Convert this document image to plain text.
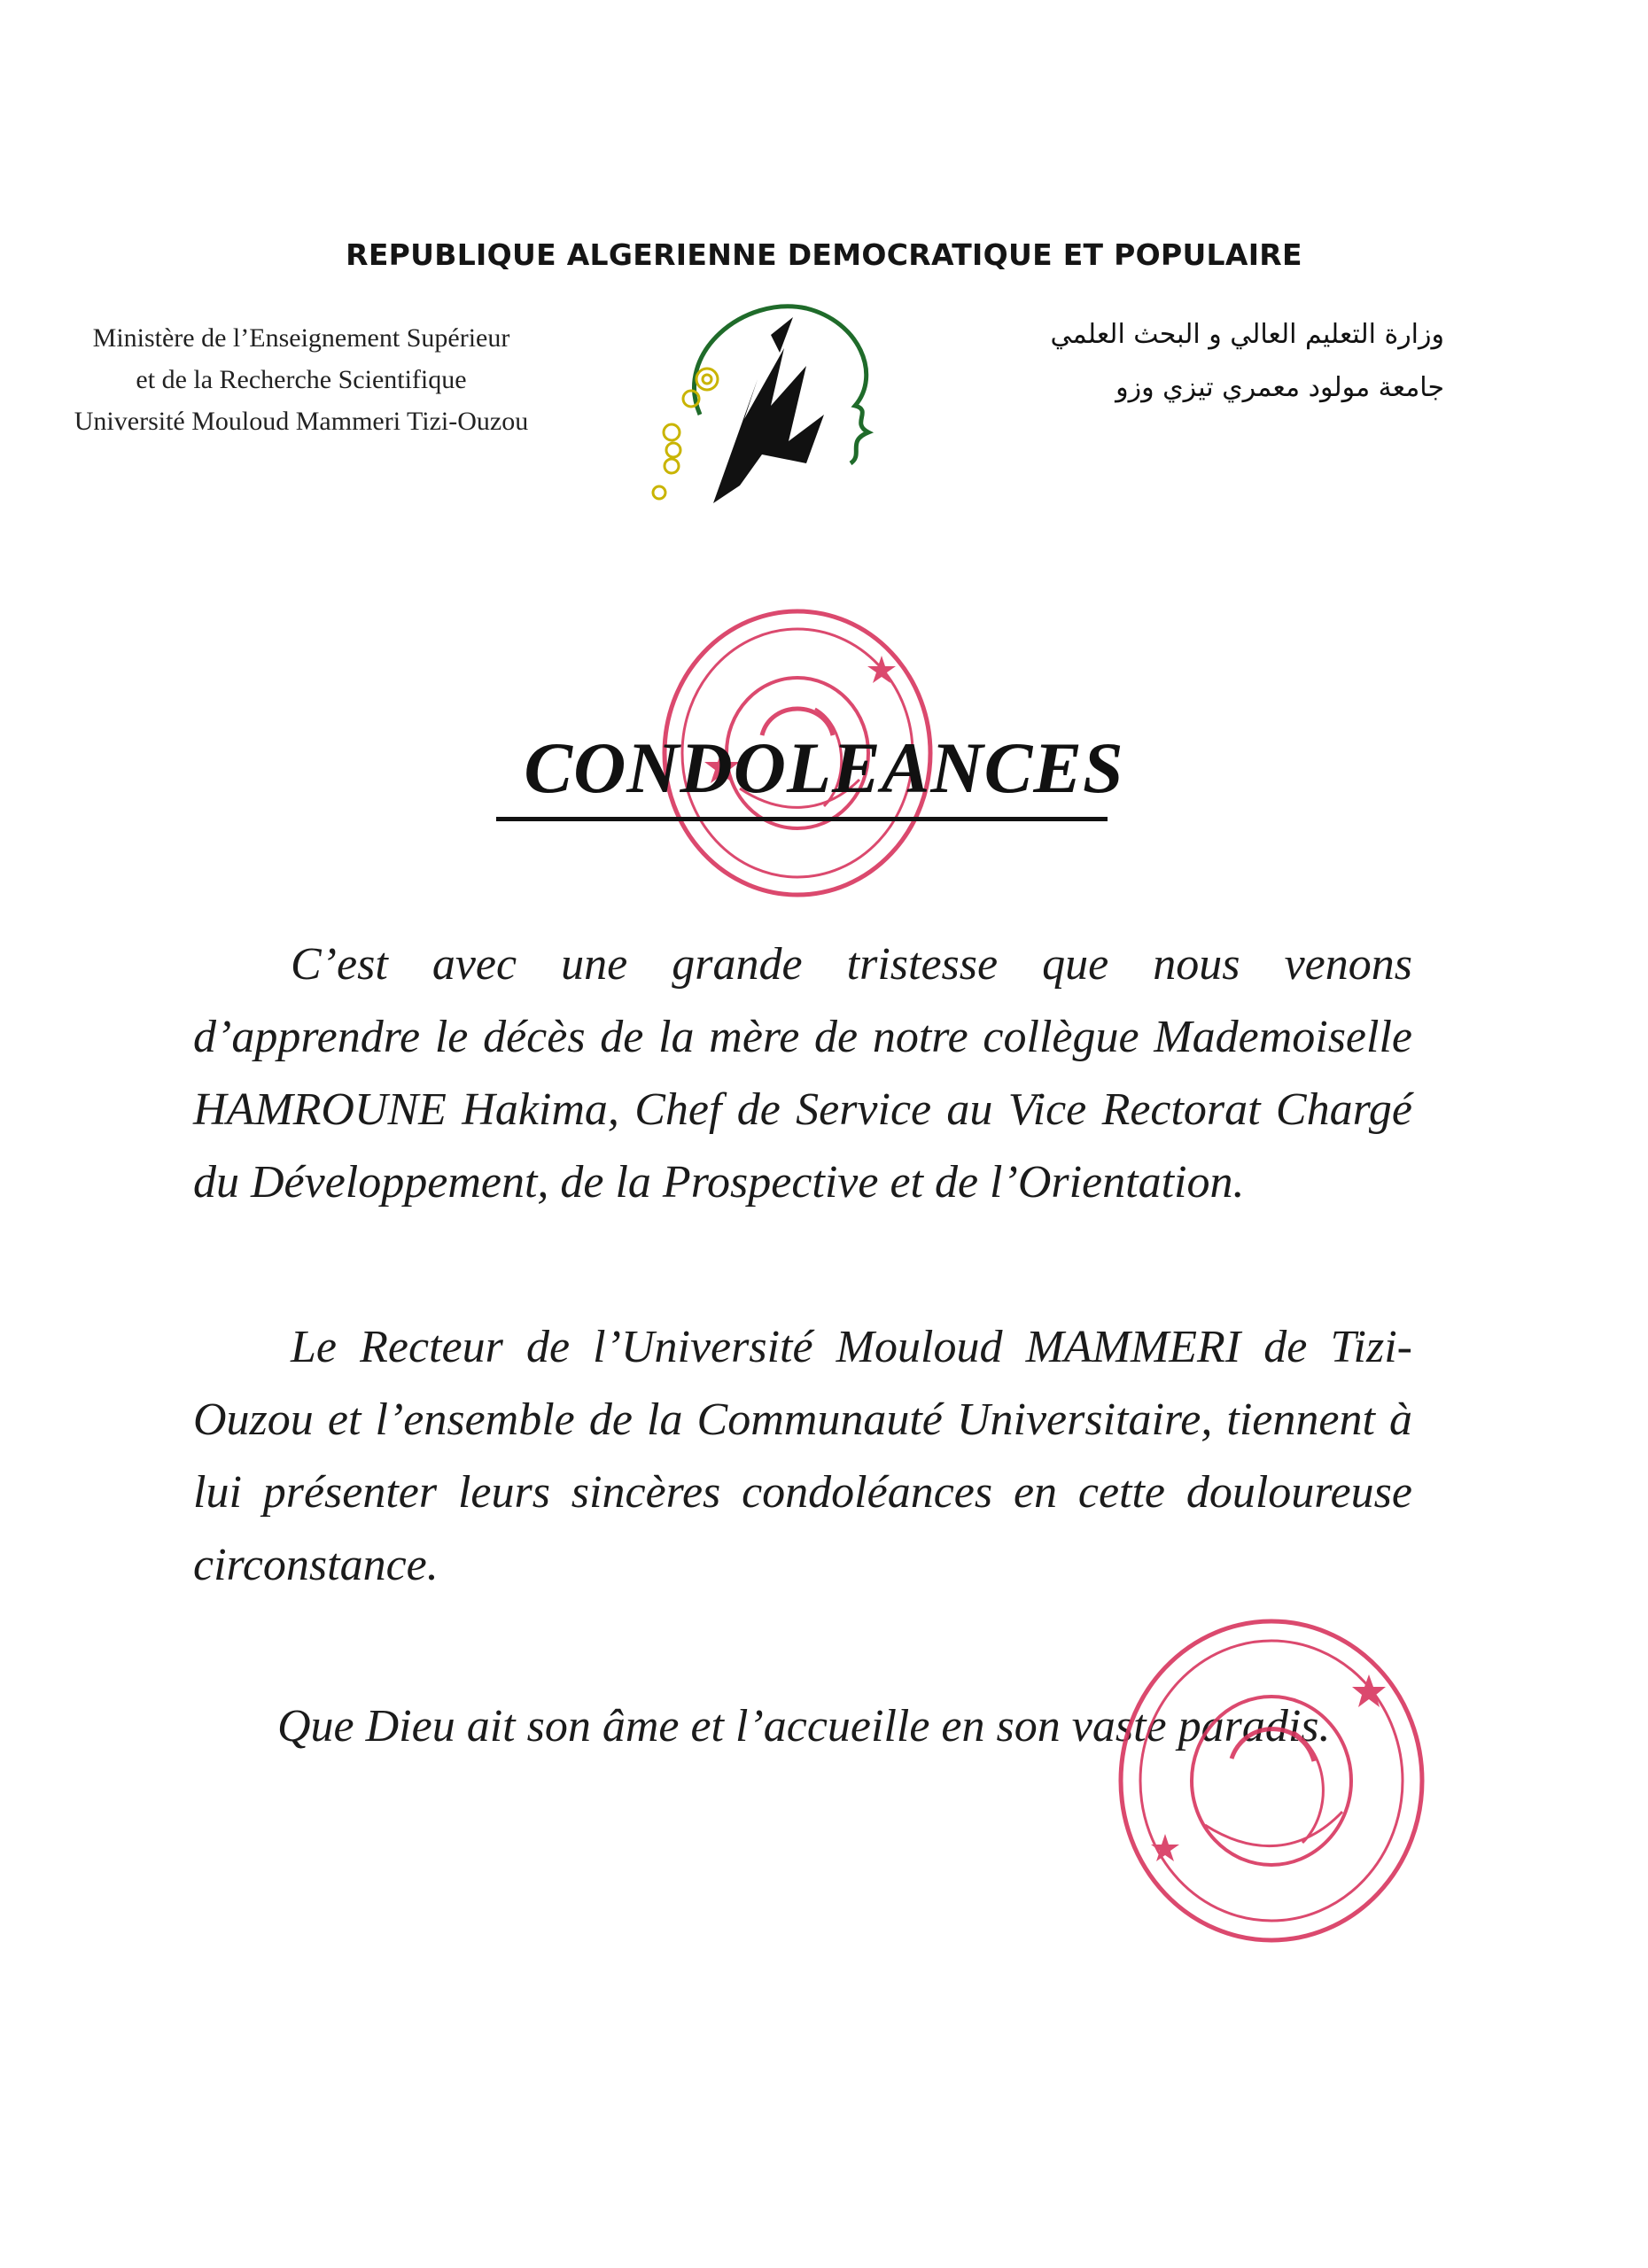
REPUBLIQUE ALGERIENNE DEMOCRATIQUE ET POPULAIRE
Ministère de l’Enseignement Supérieur
et de la Recherche Scientifique
Université Mouloud Mammeri Tizi-Ouzou
وزارة التعليم العالي و البحث العلمي
جامعة مولود معمري تيزي وزو
CONDOLEANCES
C’est avec une grande tristesse que nous venons d’apprendre le décès de la mère de notre collègue Mademoiselle HAMROUNE Hakima, Chef de Service au Vice Rectorat Chargé du Développement, de la Prospective et de l’Orientation.
Le Recteur de l’Université Mouloud MAMMERI de Tizi-Ouzou et l’ensemble de la Communauté Universitaire, tiennent à lui présenter leurs sincères condoléances en cette douloureuse circonstance.
Que Dieu ait son âme et l’accueille en son vaste paradis.
